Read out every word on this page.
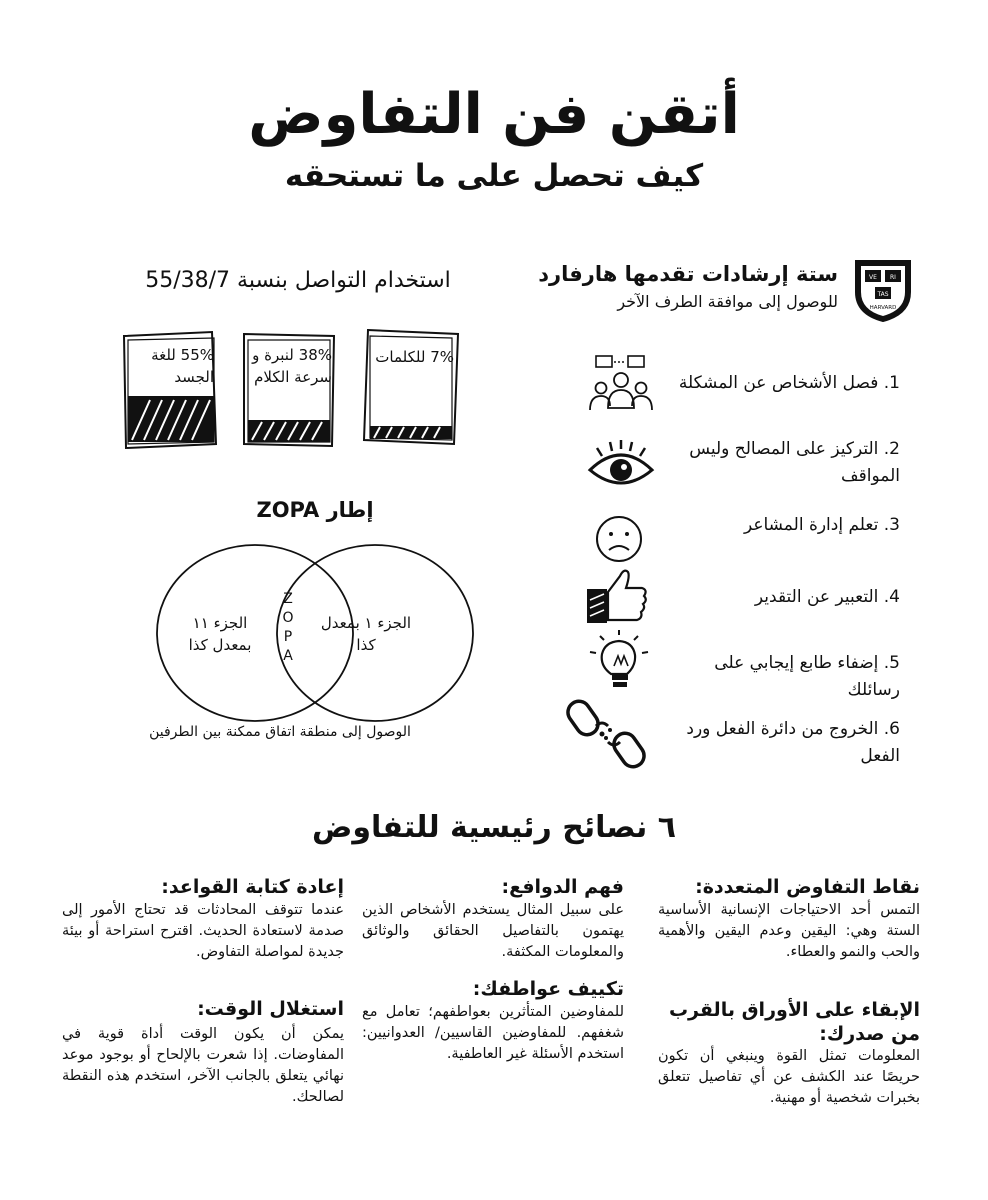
أتقن فن التفاوض
كيف تحصل على ما تستحقه
VE RI
TAS
HARVARD
ستة إرشادات تقدمها هارفارد
للوصول إلى موافقة الطرف الآخر
1. فصل الأشخاص عن المشكلة
2. التركيز على المصالح وليس المواقف
3. تعلم إدارة المشاعر
4. التعبير عن التقدير
5. إضفاء طابع إيجابي على رسائلك
6. الخروج من دائرة الفعل ورد الفعل
استخدام التواصل بنسبة 55/38/7
55% للغة الجسد
38% لنبرة و سرعة الكلام
7% للكلمات
إطار ZOPA
الجزء ١١ بمعدل كذا
الجزء ١ بمعدل كذا
Z
O
P
A
الوصول إلى منطقة اتفاق ممكنة بين الطرفين
٦ نصائح رئيسية للتفاوض
نقاط التفاوض المتعددة:
التمس أحد الاحتياجات الإنسانية الأساسية الستة وهي: اليقين وعدم اليقين والأهمية والحب والنمو والعطاء.
الإبقاء على الأوراق بالقرب من صدرك:
المعلومات تمثل القوة وينبغي أن تكون حريصًا عند الكشف عن أي تفاصيل تتعلق بخبرات شخصية أو مهنية.
فهم الدوافع:
على سبيل المثال يستخدم الأشخاص الذين يهتمون بالتفاصيل الحقائق والوثائق والمعلومات المكثفة.
تكييف عواطفك:
للمفاوضين المتأثرين بعواطفهم؛ تعامل مع شغفهم. للمفاوضين القاسيين/ العدوانيين: استخدم الأسئلة غير العاطفية.
إعادة كتابة القواعد:
عندما تتوقف المحادثات قد تحتاج الأمور إلى صدمة لاستعادة الحديث. اقترح استراحة أو بيئة جديدة لمواصلة التفاوض.
استغلال الوقت:
يمكن أن يكون الوقت أداة قوية في المفاوضات. إذا شعرت بالإلحاح أو بوجود موعد نهائي يتعلق بالجانب الآخر، استخدم هذه النقطة لصالحك.
